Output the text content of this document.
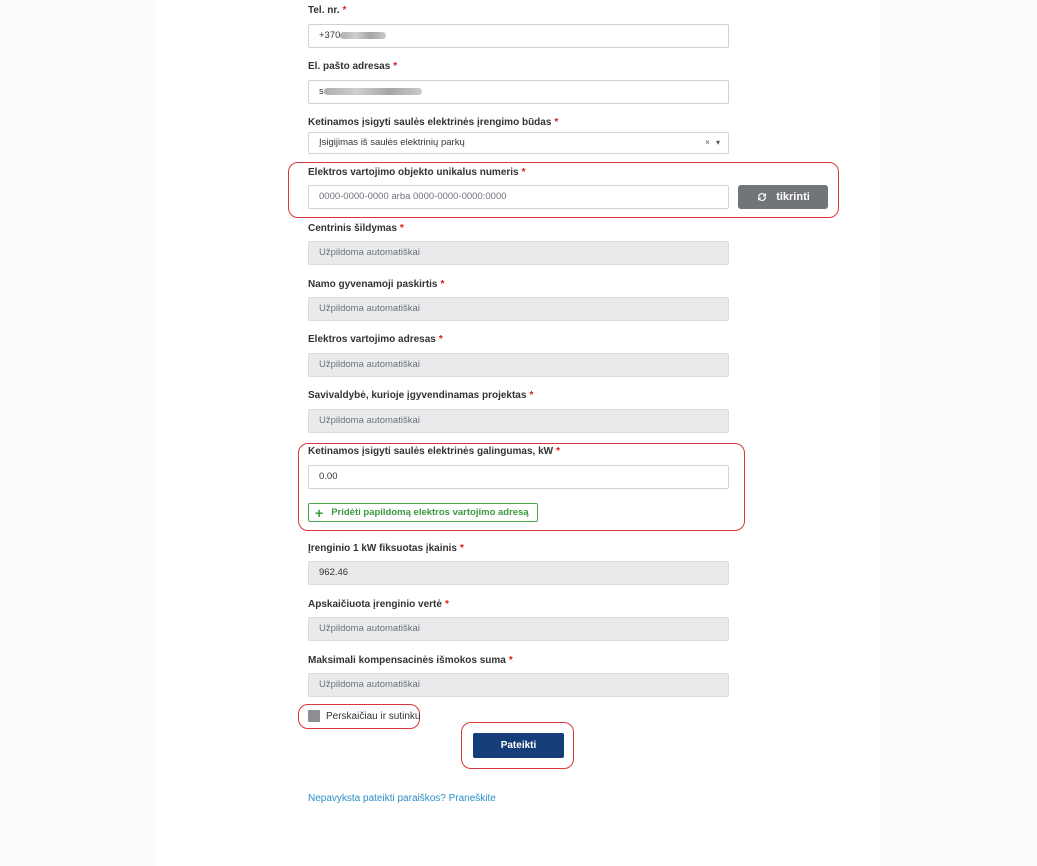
Tel. nr. *
+370
El. pašto adresas *
s
Ketinamos įsigyti saulės elektrinės įrengimo būdas *
Įsigijimas iš saulės elektrinių parkų	× ▾
Elektros vartojimo objekto unikalus numeris *
0000-0000-0000 arba 0000-0000-0000:0000	tikrinti
Centrinis šildymas *
Užpildoma automatiškai
Namo gyvenamoji paskirtis *
Užpildoma automatiškai
Elektros vartojimo adresas *
Užpildoma automatiškai
Savivaldybė, kurioje įgyvendinamas projektas *
Užpildoma automatiškai
Ketinamos įsigyti saulės elektrinės galingumas, kW *
0.00
+ Pridėti papildomą elektros vartojimo adresą
Įrenginio 1 kW fiksuotas įkainis *
962.46
Apskaičiuota įrenginio vertė *
Užpildoma automatiškai
Maksimali kompensacinės išmokos suma *
Užpildoma automatiškai
Perskaičiau ir sutinku
Pateikti
Nepavyksta pateikti paraiškos? Praneškite
